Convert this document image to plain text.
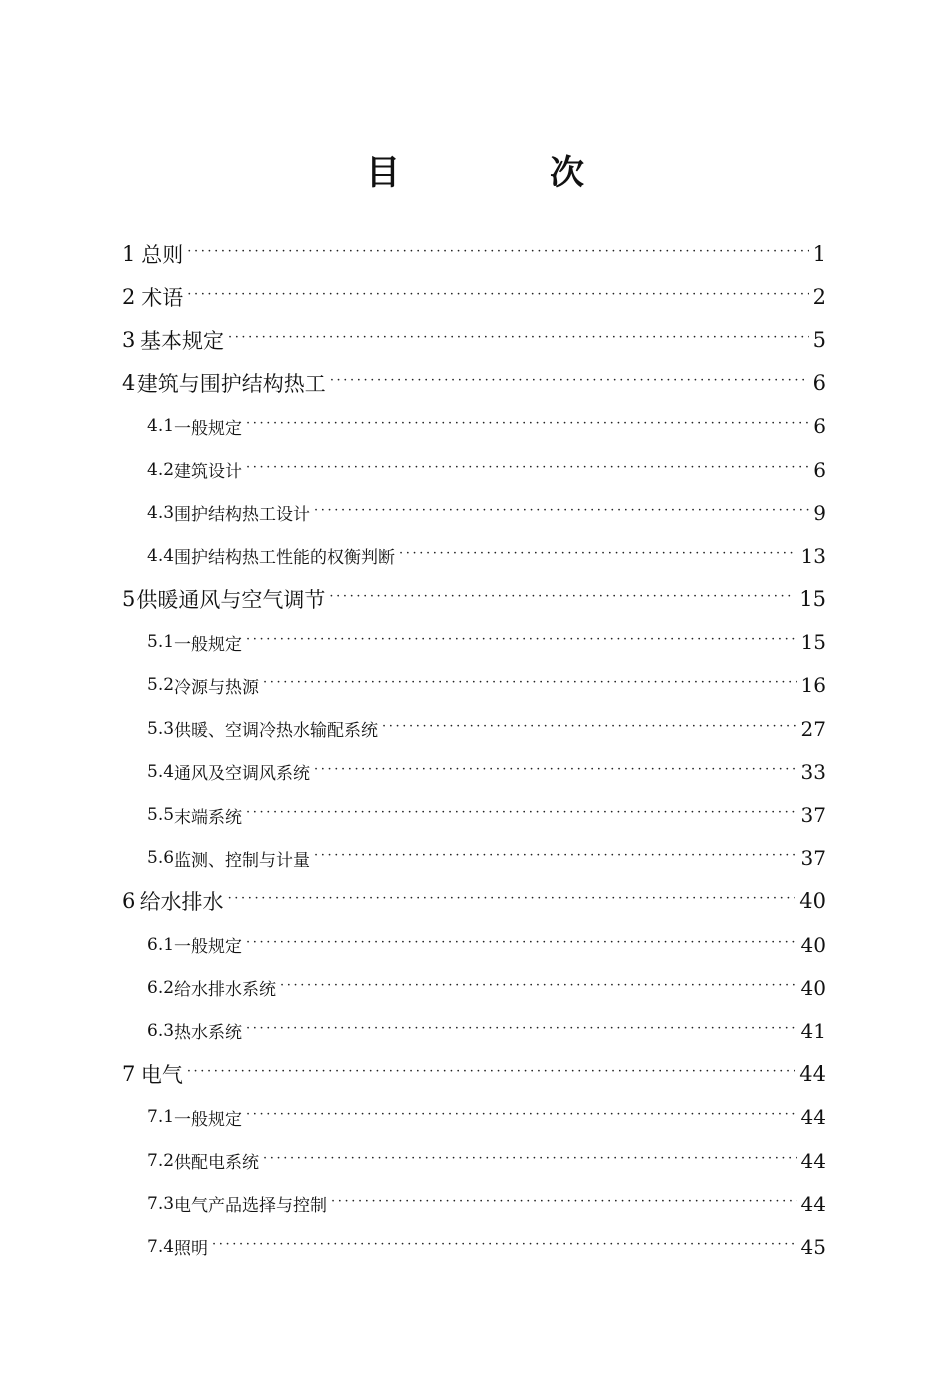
目　次
1 总则 ·····	1
2 术语 ·····	2
3 基本规定 ·····	5
4 建筑与围护结构热工 ·····	6
4.1 一般规定 ·····	6
4.2 建筑设计 ·····	6
4.3 围护结构热工设计 ·····	9
4.4 围护结构热工性能的权衡判断 ·····	13
5 供暖通风与空气调节 ·····	15
5.1 一般规定 ·····	15
5.2 冷源与热源 ·····	16
5.3 供暖、空调冷热水输配系统 ·····	27
5.4 通风及空调风系统 ·····	33
5.5 末端系统 ·····	37
5.6 监测、控制与计量 ·····	37
6 给水排水 ·····	40
6.1 一般规定 ·····	40
6.2 给水排水系统 ·····	40
6.3 热水系统 ·····	41
7 电气 ·····	44
7.1 一般规定 ·····	44
7.2 供配电系统 ·····	44
7.3 电气产品选择与控制 ·····	44
7.4 照明 ·····	45
